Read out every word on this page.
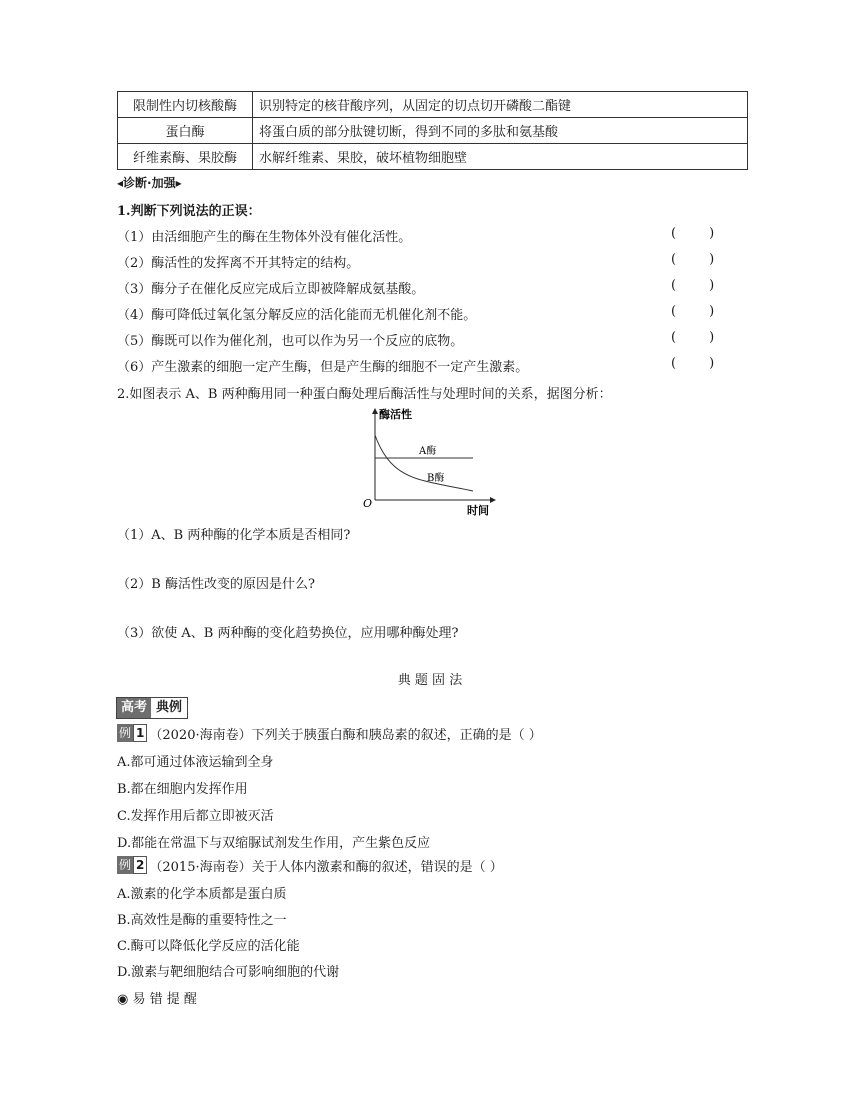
限制性内切核酸酶	识别特定的核苷酸序列，从固定的切点切开磷酸二酯键
蛋白酶	将蛋白质的部分肽键切断，得到不同的多肽和氨基酸
纤维素酶、果胶酶	水解纤维素、果胶，破坏植物细胞壁
◂诊断·加强▸
1.判断下列说法的正误：
（1）由活细胞产生的酶在生物体外没有催化活性。
（2）酶活性的发挥离不开其特定的结构。
（3）酶分子在催化反应完成后立即被降解成氨基酸。
（4）酶可降低过氧化氢分解反应的活化能而无机催化剂不能。
（5）酶既可以作为催化剂，也可以作为另一个反应的底物。
（6）产生激素的细胞一定产生酶，但是产生酶的细胞不一定产生激素。
(        )
(        )
(        )
(        )
(        )
(        )
2.如图表示 A、B 两种酶用同一种蛋白酶处理后酶活性与处理时间的关系，据图分析：
酶活性
时间
O
A酶
B酶
（1）A、B 两种酶的化学本质是否相同?
（2）B 酶活性改变的原因是什么?
（3）欲使 A、B 两种酶的变化趋势换位，应用哪种酶处理?
典 题 固 法
高考 典例
例 1 （2020·海南卷）下列关于胰蛋白酶和胰岛素的叙述，正确的是（ ）
A.都可通过体液运输到全身
B.都在细胞内发挥作用
C.发挥作用后都立即被灭活
D.都能在常温下与双缩脲试剂发生作用，产生紫色反应
例 2 （2015·海南卷）关于人体内激素和酶的叙述，错误的是（ ）
A.激素的化学本质都是蛋白质
B.高效性是酶的重要特性之一
C.酶可以降低化学反应的活化能
D.激素与靶细胞结合可影响细胞的代谢
◉ 易 错 提 醒
